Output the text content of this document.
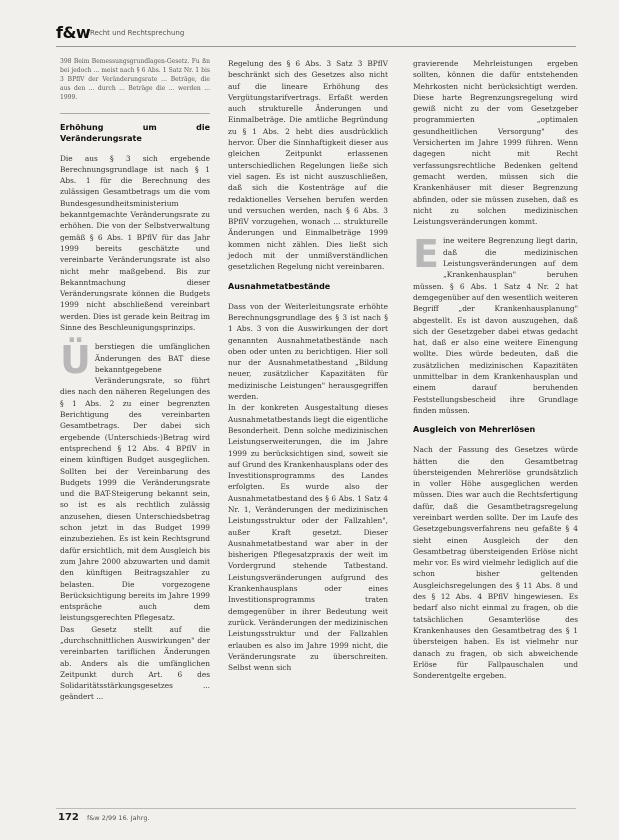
f&w Recht und Rechtsprechung

398 Beim Bemessungsgrundlagen-Gesetz. Fu ßn bei jedoch ... meist nach § 6 Abs. 1 Satz Nr. 1 bis 3 BPflV der Veränderungsrate ... Beträge, die aus den ... durch ... Beträge die ... werden ... 1999.

Erhöhung um die Veränderungsrate

Die aus § 3 sich ergebende Berechnungsgrundlage ist nach § 1 Abs. 1 für die Berechnung des zulässigen Gesamtbetrags um die vom Bundesgesundheitsministerium bekanntgemachte Veränderungsrate zu erhöhen. Die von der Selbstverwaltung gemäß § 6 Abs. 1 BPflV für das Jahr 1999 bereits geschätzte und vereinbarte Veränderungsrate ist also nicht mehr maßgebend. Bis zur Bekanntmachung dieser Veränderungsrate können die Budgets 1999 nicht abschließend vereinbart werden. Dies ist gerade kein Beitrag im Sinne des Beschleunigungsprinzips.

Überstiegen die umfänglichen Änderungen des BAT diese bekanntgegebene Veränderungsrate, so führt dies nach den näheren Regelungen des § 1 Abs. 2 zu einer begrenzten Berichtigung des vereinbarten Gesamtbetrags. Der dabei sich ergebende (Unterschieds-)Betrag wird entsprechend § 12 Abs. 4 BPflV in einem künftigen Budget ausgeglichen. Sollten bei der Vereinbarung des Budgets 1999 die Veränderungsrate und die BAT-Steigerung bekannt sein, so ist es als rechtlich zulässig anzusehen, diesen Unterschiedsbetrag schon jetzt in das Budget 1999 einzubeziehen. Es ist kein Rechtsgrund dafür ersichtlich, mit dem Ausgleich bis zum Jahre 2000 abzuwarten und damit den künftigen Beitragszahler zu belasten. Die vorgezogene Berücksichtigung bereits im Jahre 1999 entspräche auch dem leistungsgerechten Pflegesatz.

Das Gesetz stellt auf die „durchschnittlichen Auswirkungen" der vereinbarten tariflichen Änderungen ab. Anders als die umfänglichen Zeitpunkt durch Art. 6 des Solidaritätsstärkungsgesetzes ... geändert ...

Regelung des § 6 Abs. 3 Satz 3 BPflV beschränkt sich des Gesetzes also nicht auf die lineare Erhöhung des Vergütungstarifvertrags. Erfaßt werden auch strukturelle Änderungen und Einmalbeträge. Die amtliche Begründung zu § 1 Abs. 2 hebt dies ausdrücklich hervor. Über die Sinnhaftigkeit dieser aus gleichen Zeitpunkt erlassenen unterschiedlichen Regelungen ließe sich viel sagen. Es ist nicht auszuschließen, daß sich die Kostenträge auf die redaktionelles Versehen berufen werden und versuchen werden, nach § 6 Abs. 3 BPflV vorzugehen, wonach ... strukturelle Änderungen und Einmalbeträge 1999 kommen nicht zählen. Dies ließt sich jedoch mit der unmißverständlichen gesetzlichen Regelung nicht vereinbaren.

Ausnahmetatbestände

Dass von der Weiterleitungsrate erhöhte Berechnungsgrundlage des § 3 ist nach § 1 Abs. 3 von die Auswirkungen der dort genannten Ausnahmetatbestände nach oben oder unten zu berichtigen. Hier soll nur der Ausnahmetatbestand „Bildung neuer, zusätzlicher Kapazitäten für medizinische Leistungen" herausgegriffen werden.

In der konkreten Ausgestaltung dieses Ausnahmetatbestands liegt die eigentliche Besonderheit. Denn solche medizinischen Leistungserweiterungen, die im Jahre 1999 zu berücksichtigen sind, soweit sie auf Grund des Krankenhausplans oder des Investitionsprogramms des Landes erfolgten. Es wurde also der Ausnahmetatbestand des § 6 Abs. 1 Satz 4 Nr. 1, Veränderungen der medizinischen Leistungsstruktur oder der Fallzahlen", außer Kraft gesetzt. Dieser Ausnahmetatbestand war aber in der bisherigen Pflegesatzpraxis der weit im Vordergrund stehende Tatbestand. Leistungsveränderungen aufgrund des Krankenhausplans oder eines Investitionsprogramms traten demgegenüber in ihrer Bedeutung weit zurück. Veränderungen der medizinischen Leistungsstruktur und der Fallzahlen erlauben es also im Jahre 1999 nicht, die Veränderungsrate zu überschreiten. Selbst wenn sich

gravierende Mehrleistungen ergeben sollten, können die dafür entstehenden Mehrkosten nicht berücksichtigt werden. Diese harte Begrenzungsregelung wird gewiß nicht zu der vom Gesetzgeber programmierten „optimalen gesundheitlichen Versorgung" des Versicherten im Jahre 1999 führen. Wenn dagegen nicht mit Recht verfassungsrechtliche Bedenken geltend gemacht werden, müssen sich die Krankenhäuser mit dieser Begrenzung abfinden, oder sie müssen zusehen, daß es nicht zu solchen medizinischen Leistungsveränderungen kommt.

Eine weitere Begrenzung liegt darin, daß die medizinischen Leistungsveränderungen auf dem „Krankenhausplan" beruhen müssen. § 6 Abs. 1 Satz 4 Nr. 2 hat demgegenüber auf den wesentlich weiteren Begriff „der Krankenhausplanung" abgestellt. Es ist davon auszugehen, daß sich der Gesetzgeber dabei etwas gedacht hat, daß er also eine weitere Einengung wollte. Dies würde bedeuten, daß die zusätzlichen medizinischen Kapazitäten unmittelbar in dem Krankenhausplan und einem darauf beruhenden Feststellungsbescheid ihre Grundlage finden müssen.

Ausgleich von Mehrerlösen

Nach der Fassung des Gesetzes würde hätten die den Gesamtbetrag übersteigenden Mehrerlöse grundsätzlich in voller Höhe ausgeglichen werden müssen. Dies war auch die Rechtsfertigung dafür, daß die Gesamtbetragsregelung vereinbart werden sollte. Der im Laufe des Gesetzgebungsverfahrens neu gefaßte § 4 sieht einen Ausgleich der den Gesamtbetrag übersteigenden Erlöse nicht mehr vor. Es wird vielmehr lediglich auf die schon bisher geltenden Ausgleichsregelungen des § 11 Abs. 8 und des § 12 Abs. 4 BPflV hingewiesen. Es bedarf also nicht einmal zu fragen, ob die tatsächlichen Gesamterlöse des Krankenhauses den Gesamtbetrag des § 1 übersteigen haben. Es ist vielmehr nur danach zu fragen, ob sich abweichende Erlöse für Fallpauschalen und Sonderentgelte ergeben.

172 f&w 2/99 16. Jahrg.
